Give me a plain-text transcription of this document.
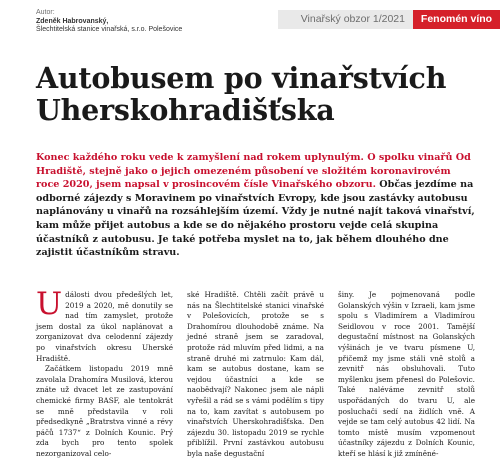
Autor:
Zdeněk Habrovanský,
Šlechtitelská stanice vinařská, s.r.o. Polešovice
Vinařský obzor 1/2021	Fenomén víno
Autobusem po vinařstvích
Uherskohradišťska

Konec každého roku vede k zamyšlení nad rokem uplynulým. O spolku vinařů Od Hradiště, stejně jako o jejich omezeném působení ve složitém koronavirovém roce 2020, jsem napsal v prosincovém čísle Vinařského obzoru. Občas jezdíme na odborné zájezdy s Moravinem po vinařstvích Evropy, kde jsou zastávky autobusu naplánovány u vinařů na rozsáhlejším území. Vždy je nutné najít taková vinařství, kam může přijet autobus a kde se do nějakého prostoru vejde celá skupina účastníků z autobusu. Je také potřeba myslet na to, jak během dlouhého dne zajistit účastníkům stravu.

U dálosti dvou předešlých let, 2019 a 2020, mě donutily se nad tím zamyslet, protože jsem dostal za úkol naplánovat a zorganizovat dva celodenní zájezdy po vinařstvích okresu Uherské Hradiště.

Začátkem listopadu 2019 mně zavolala Drahomíra Musilová, kterou znáte už dvacet let ze zastupování chemické firmy BASF, ale tentokrát se mně představila v roli předsedkyně „Bratrstva vinné a révy páčů 1737“ z Dolních Kounic. Prý zda bych pro tento spolek nezorganizoval celo-

ské Hradiště. Chtěli začít právě u nás na Šlechtitelské stanici vinařské v Polešovicích, protože se s Drahomírou dlouhodobě známe. Na jedné straně jsem se zaradoval, protože rád mluvím před lidmi, a na straně druhé mi zatrnulo: Kam dál, kam se autobus dostane, kam se vejdou účastníci a kde se naobědvají? Nakonec jsem ale nápli vyřešil a rád se s vámi podělím s tipy na to, kam zavítat s autobusem po vinařstvích Uherskohradišťska. Den zájezdu 30. listopadu 2019 se rychle přiblížil. První zastávkou autobusu byla naše degustační

šiny. Je pojmenovaná podle Golanských výšin v Izraeli, kam jsme spolu s Vladimírem a Vladimírou Seidlovou v roce 2001. Tamější degustační místnost na Golanských výšinách je ve tvaru písmene U, přičemž my jsme stáli vně stolů a zevnitř nás obsluhovali. Tuto myšlenku jsem přenesl do Polešovic. Také naléváme zevnitř stolů uspořádaných do tvaru U, ale posluchači sedí na židlích vně. A vejde se tam celý autobus 42 lidí. Na tomto místě musím vzpomenout účastníky zájezdu z Dolních Kounic, kteří se hlásí k již zmíněné-
